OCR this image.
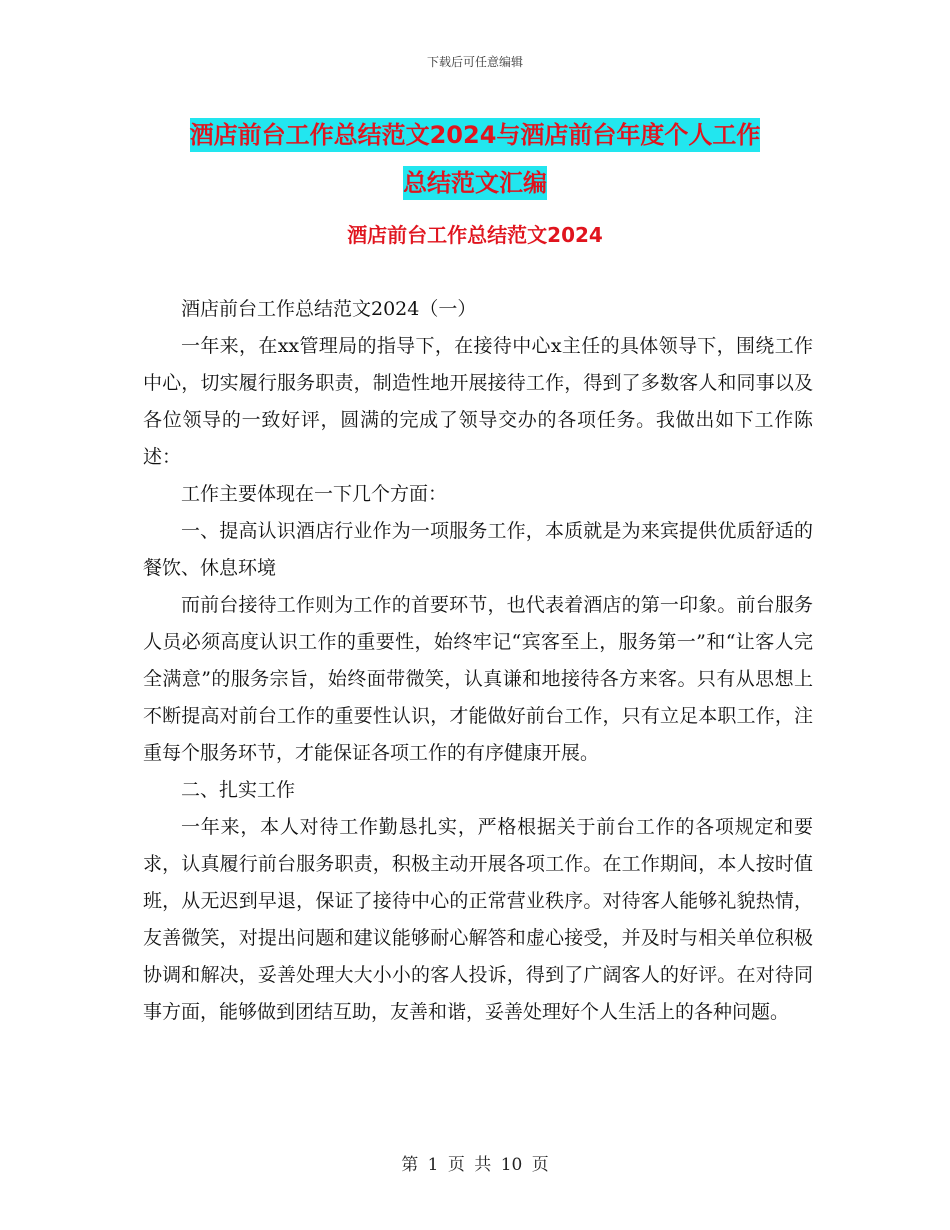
下载后可任意编辑
酒店前台工作总结范文2024与酒店前台年度个人工作
总结范文汇编
酒店前台工作总结范文2024

酒店前台工作总结范文2024（一）

一年来，在xx管理局的指导下，在接待中心x主任的具体领导下，围绕工作中心，切实履行服务职责，制造性地开展接待工作，得到了多数客人和同事以及各位领导的一致好评，圆满的完成了领导交办的各项任务。我做出如下工作陈述：

工作主要体现在一下几个方面：

一、提高认识酒店行业作为一项服务工作，本质就是为来宾提供优质舒适的餐饮、休息环境

而前台接待工作则为工作的首要环节，也代表着酒店的第一印象。前台服务人员必须高度认识工作的重要性，始终牢记“宾客至上，服务第一”和“让客人完全满意”的服务宗旨，始终面带微笑，认真谦和地接待各方来客。只有从思想上不断提高对前台工作的重要性认识，才能做好前台工作，只有立足本职工作，注重每个服务环节，才能保证各项工作的有序健康开展。

二、扎实工作

一年来，本人对待工作勤恳扎实，严格根据关于前台工作的各项规定和要求，认真履行前台服务职责，积极主动开展各项工作。在工作期间，本人按时值班，从无迟到早退，保证了接待中心的正常营业秩序。对待客人能够礼貌热情，友善微笑，对提出问题和建议能够耐心解答和虚心接受，并及时与相关单位积极协调和解决，妥善处理大大小小的客人投诉，得到了广阔客人的好评。在对待同事方面，能够做到团结互助，友善和谐，妥善处理好个人生活上的各种问题。

第 1 页 共 10 页
